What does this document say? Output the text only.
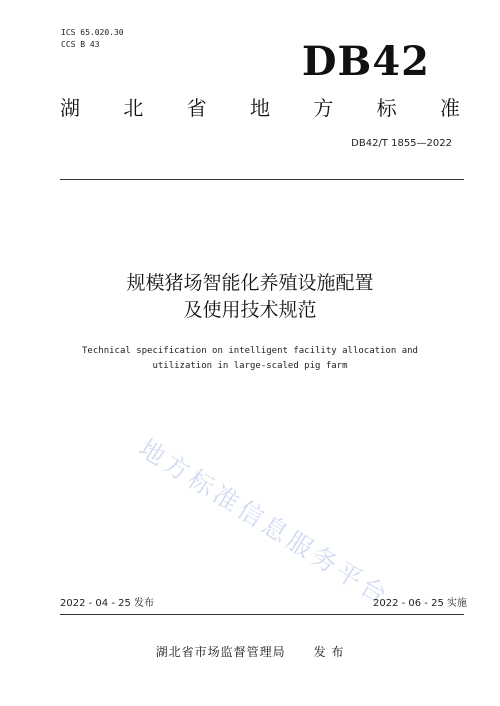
ICS 65.020.30
CCS B 43	DB42
湖 北 省 地 方 标 准
DB42/T 1855—2022
规模猪场智能化养殖设施配置
及使用技术规范
Technical specification on intelligent facility allocation and
utilization in large-scaled pig farm
地方标准信息服务平台
2022 - 04 - 25 发布	2022 - 06 - 25 实施
湖北省市场监督管理局 发 布
